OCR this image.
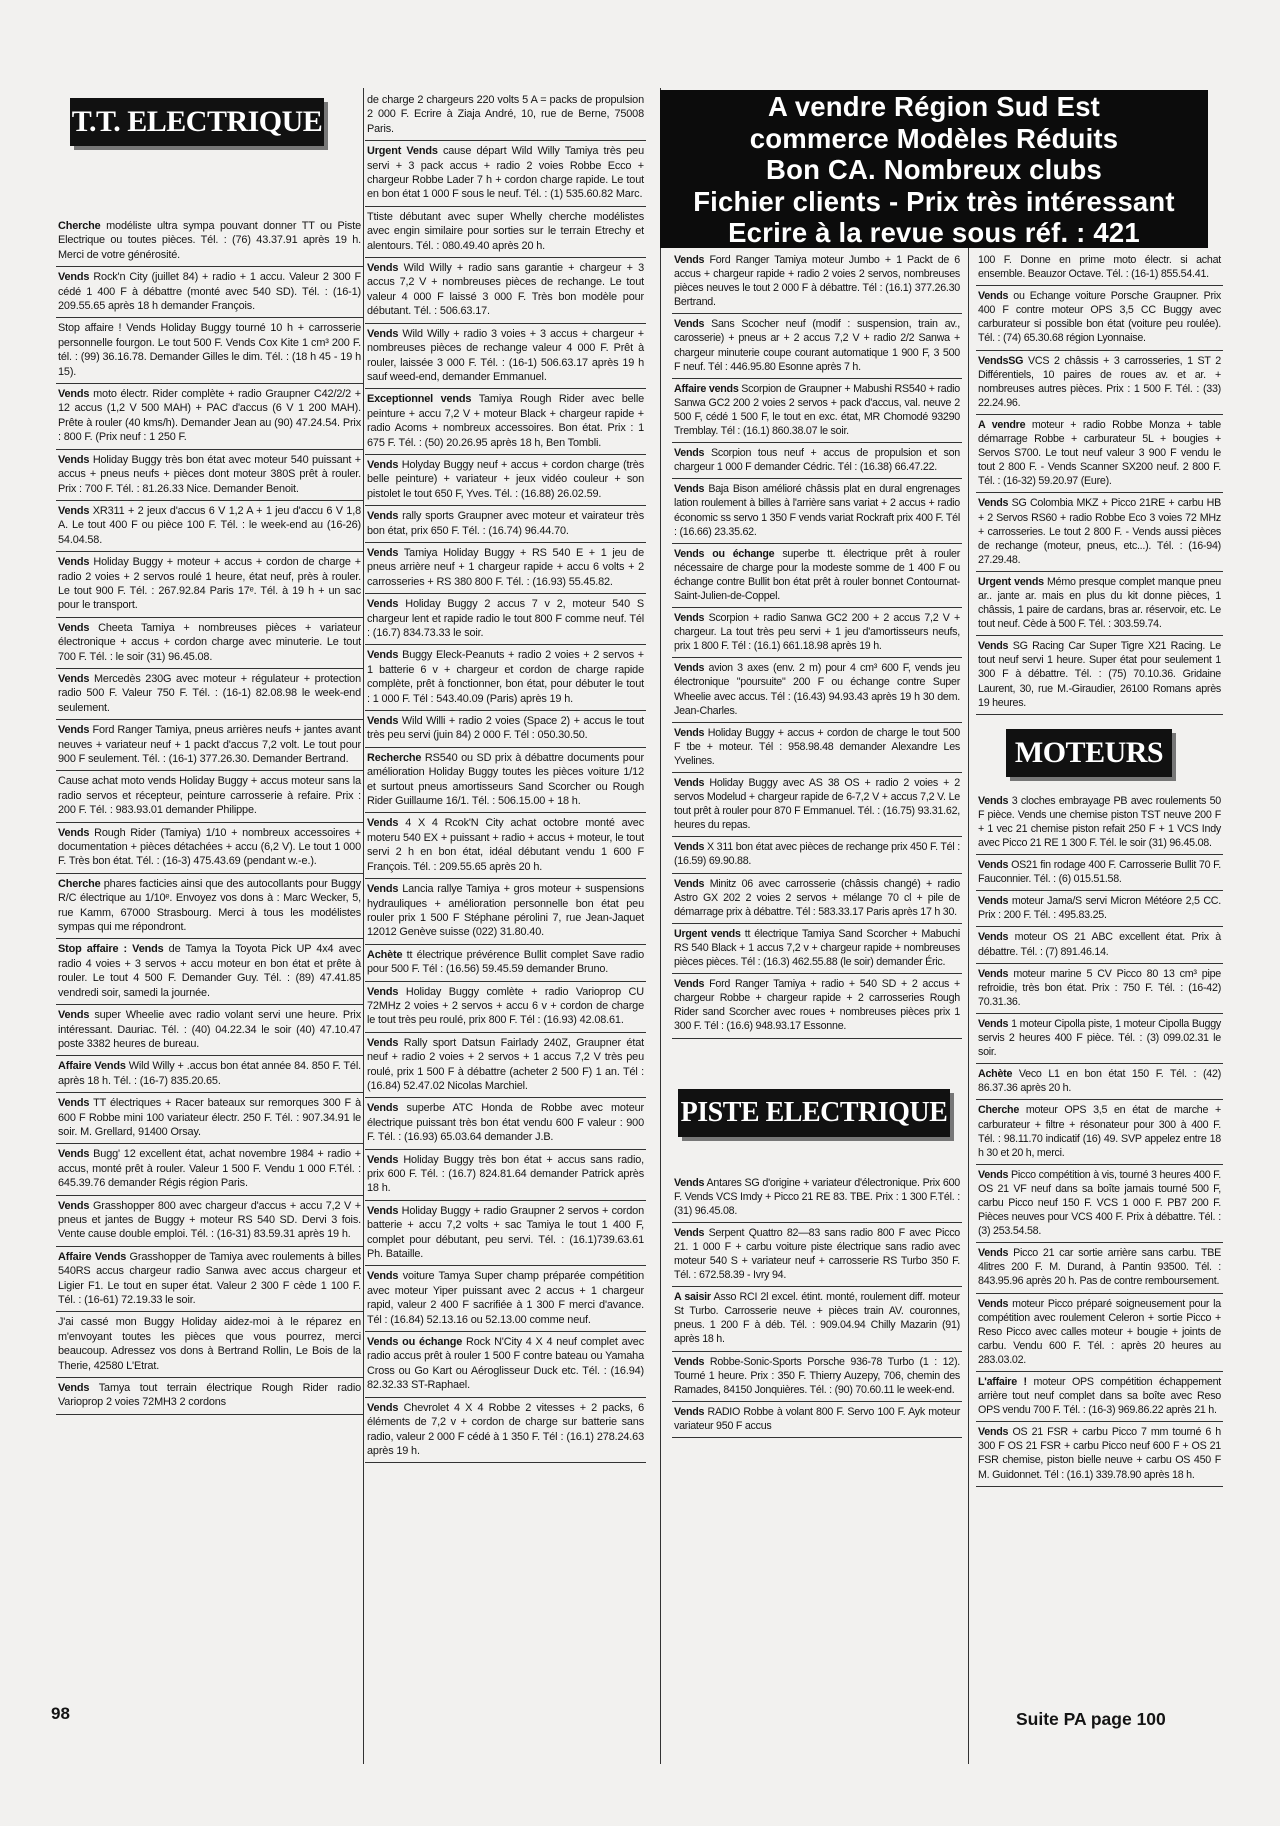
A vendre Région Sud Est
commerce Modèles Réduits
Bon CA. Nombreux clubs
Fichier clients - Prix très intéressant
Ecrire à la revue sous réf. : 421
T.T. ELECTRIQUE
Cherche modéliste ultra sympa pouvant donner TT ou Piste Electrique ou toutes pièces. Tél. : (76) 43.37.91 après 19 h. Merci de votre générosité.
Vends Rock'n City (juillet 84) + radio + 1 accu. Valeur 2 300 F cédé 1 400 F à débattre (monté avec 540 SD). Tél. : (16-1) 209.55.65 après 18 h demander François.
Stop affaire ! Vends Holiday Buggy tourné 10 h + carrosserie personnelle fourgon. Le tout 500 F. Vends Cox Kite 1 cm³ 200 F. tél. : (99) 36.16.78. Demander Gilles le dim. Tél. : (18 h 45 - 19 h 15).
Vends moto électr. Rider complète + radio Graupner C42/2/2 + 12 accus (1,2 V 500 MAH) + PAC d'accus (6 V 1 200 MAH). Prête à rouler (40 kms/h). Demander Jean au (90) 47.24.54. Prix : 800 F. (Prix neuf : 1 250 F.
Vends Holiday Buggy très bon état avec moteur 540 puissant + accus + pneus neufs + pièces dont moteur 380S prêt à rouler. Prix : 700 F. Tél. : 81.26.33 Nice. Demander Benoit.
Vends XR311 + 2 jeux d'accus 6 V 1,2 A + 1 jeu d'accu 6 V 1,8 A. Le tout 400 F ou pièce 100 F. Tél. : le week-end au (16-26) 54.04.58.
Vends Holiday Buggy + moteur + accus + cordon de charge + radio 2 voies + 2 servos roulé 1 heure, état neuf, près à rouler. Le tout 900 F. Tél. : 267.92.84 Paris 17ᵉ. Tél. à 19 h + un sac pour le transport.
Vends Cheeta Tamiya + nombreuses pièces + variateur électronique + accus + cordon charge avec minuterie. Le tout 700 F. Tél. : le soir (31) 96.45.08.
Vends Mercedès 230G avec moteur + régulateur + protection radio 500 F. Valeur 750 F. Tél. : (16-1) 82.08.98 le week-end seulement.
Vends Ford Ranger Tamiya, pneus arrières neufs + jantes avant neuves + variateur neuf + 1 packt d'accus 7,2 volt. Le tout pour 900 F seulement. Tél. : (16-1) 377.26.30. Demander Bertrand.
Cause achat moto vends Holiday Buggy + accus moteur sans la radio servos et récepteur, peinture carrosserie à refaire. Prix : 200 F. Tél. : 983.93.01 demander Philippe.
Vends Rough Rider (Tamiya) 1/10 + nombreux accessoires + documentation + pièces détachées + accu (6,2 V). Le tout 1 000 F. Très bon état. Tél. : (16-3) 475.43.69 (pendant w.-e.).
Cherche phares facticies ainsi que des autocollants pour Buggy R/C électrique au 1/10ᵉ. Envoyez vos dons à : Marc Wecker, 5, rue Kamm, 67000 Strasbourg. Merci à tous les modélistes sympas qui me répondront.
Stop affaire : Vends de Tamya la Toyota Pick UP 4x4 avec radio 4 voies + 3 servos + accu moteur en bon état et prête à rouler. Le tout 4 500 F. Demander Guy. Tél. : (89) 47.41.85 vendredi soir, samedi la journée.
Vends super Wheelie avec radio volant servi une heure. Prix intéressant. Dauriac. Tél. : (40) 04.22.34 le soir (40) 47.10.47 poste 3382 heures de bureau.
Affaire Vends Wild Willy + .accus bon état année 84. 850 F. Tél. après 18 h. Tél. : (16-7) 835.20.65.
Vends TT électriques + Racer bateaux sur remorques 300 F à 600 F Robbe mini 100 variateur électr. 250 F. Tél. : 907.34.91 le soir. M. Grellard, 91400 Orsay.
Vends Bugg' 12 excellent état, achat novembre 1984 + radio + accus, monté prêt à rouler. Valeur 1 500 F. Vendu 1 000 F.Tél. : 645.39.76 demander Régis région Paris.
Vends Grasshopper 800 avec chargeur d'accus + accu 7,2 V + pneus et jantes de Buggy + moteur RS 540 SD. Dervi 3 fois. Vente cause double emploi. Tél. : (16-31) 83.59.31 après 19 h.
Affaire Vends Grasshopper de Tamiya avec roulements à billes 540RS accus chargeur radio Sanwa avec accus chargeur et Ligier F1. Le tout en super état. Valeur 2 300 F cède 1 100 F. Tél. : (16-61) 72.19.33 le soir.
J'ai cassé mon Buggy Holiday aidez-moi à le réparez en m'envoyant toutes les pièces que vous pourrez, merci beaucoup. Adressez vos dons à Bertrand Rollin, Le Bois de la Therie, 42580 L'Etrat.
Vends Tamya tout terrain électrique Rough Rider radio Varioprop 2 voies 72MH3 2 cordons
de charge 2 chargeurs 220 volts 5 A = packs de propulsion 2 000 F. Ecrire à Ziaja André, 10, rue de Berne, 75008 Paris.
Urgent Vends cause départ Wild Willy Tamiya très peu servi + 3 pack accus + radio 2 voies Robbe Ecco + chargeur Robbe Lader 7 h + cordon charge rapide. Le tout en bon état 1 000 F sous le neuf. Tél. : (1) 535.60.82 Marc.
Ttiste débutant avec super Whelly cherche modélistes avec engin similaire pour sorties sur le terrain Etrechy et alentours. Tél. : 080.49.40 après 20 h.
Vends Wild Willy + radio sans garantie + chargeur + 3 accus 7,2 V + nombreuses pièces de rechange. Le tout valeur 4 000 F laissé 3 000 F. Très bon modèle pour débutant. Tél. : 506.63.17.
Vends Wild Willy + radio 3 voies + 3 accus + chargeur + nombreuses pièces de rechange valeur 4 000 F. Prêt à rouler, laissée 3 000 F. Tél. : (16-1) 506.63.17 après 19 h sauf weed-end, demander Emmanuel.
Exceptionnel vends Tamiya Rough Rider avec belle peinture + accu 7,2 V + moteur Black + chargeur rapide + radio Acoms + nombreux accessoires. Bon état. Prix : 1 675 F. Tél. : (50) 20.26.95 après 18 h, Ben Tombli.
Vends Holyday Buggy neuf + accus + cordon charge (très belle peinture) + variateur + jeux vidéo couleur + son pistolet le tout 650 F, Yves. Tél. : (16.88) 26.02.59.
Vends rally sports Graupner avec moteur et vairateur très bon état, prix 650 F. Tél. : (16.74) 96.44.70.
Vends Tamiya Holiday Buggy + RS 540 E + 1 jeu de pneus arrière neuf + 1 chargeur rapide + accu 6 volts + 2 carrosseries + RS 380 800 F. Tél. : (16.93) 55.45.82.
Vends Holiday Buggy 2 accus 7 v 2, moteur 540 S chargeur lent et rapide radio le tout 800 F comme neuf. Tél : (16.7) 834.73.33 le soir.
Vends Buggy Eleck-Peanuts + radio 2 voies + 2 servos + 1 batterie 6 v + chargeur et cordon de charge rapide complète, prêt à fonctionner, bon état, pour débuter le tout : 1 000 F. Tél : 543.40.09 (Paris) après 19 h.
Vends Wild Willi + radio 2 voies (Space 2) + accus le tout très peu servi (juin 84) 2 000 F. Tél : 050.30.50.
Recherche RS540 ou SD prix à débattre documents pour amélioration Holiday Buggy toutes les pièces voiture 1/12 et surtout pneus amortisseurs Sand Scorcher ou Rough Rider Guillaume 16/1. Tél. : 506.15.00 + 18 h.
Vends 4 X 4 Rcok'N City achat octobre monté avec moteru 540 EX + puissant + radio + accus + moteur, le tout servi 2 h en bon état, idéal débutant vendu 1 600 F François. Tél. : 209.55.65 après 20 h.
Vends Lancia rallye Tamiya + gros moteur + suspensions hydrauliques + amélioration personnelle bon état peu rouler prix 1 500 F Stéphane pérolini 7, rue Jean-Jaquet 12012 Genève suisse (022) 31.80.40.
Achète tt électrique prévérence Bullit complet Save radio pour 500 F. Tél : (16.56) 59.45.59 demander Bruno.
Vends Holiday Buggy comlète + radio Varioprop CU 72MHz 2 voies + 2 servos + accu 6 v + cordon de charge le tout très peu roulé, prix 800 F. Tél : (16.93) 42.08.61.
Vends Rally sport Datsun Fairlady 240Z, Graupner état neuf + radio 2 voies + 2 servos + 1 accus 7,2 V très peu roulé, prix 1 500 F à débattre (acheter 2 500 F) 1 an. Tél : (16.84) 52.47.02 Nicolas Marchiel.
Vends superbe ATC Honda de Robbe avec moteur électrique puissant très bon état vendu 600 F valeur : 900 F. Tél. : (16.93) 65.03.64 demander J.B.
Vends Holiday Buggy très bon état + accus sans radio, prix 600 F. Tél. : (16.7) 824.81.64 demander Patrick après 18 h.
Vends Holiday Buggy + radio Graupner 2 servos + cordon batterie + accu 7,2 volts + sac Tamiya le tout 1 400 F, complet pour débutant, peu servi. Tél. : (16.1)739.63.61 Ph. Bataille.
Vends voiture Tamya Super champ préparée compétition avec moteur Yiper puissant avec 2 accus + 1 chargeur rapid, valeur 2 400 F sacrifiée à 1 300 F merci d'avance. Tél : (16.84) 52.13.16 ou 52.13.00 comme neuf.
Vends ou échange Rock N'City 4 X 4 neuf complet avec radio accus prêt à rouler 1 500 F contre bateau ou Yamaha Cross ou Go Kart ou Aéroglisseur Duck etc. Tél. : (16.94) 82.32.33 ST-Raphael.
Vends Chevrolet 4 X 4 Robbe 2 vitesses + 2 packs, 6 éléments de 7,2 v + cordon de charge sur batterie sans radio, valeur 2 000 F cédé à 1 350 F. Tél : (16.1) 278.24.63 après 19 h.
Vends Ford Ranger Tamiya moteur Jumbo + 1 Packt de 6 accus + chargeur rapide + radio 2 voies 2 servos, nombreuses pièces neuves le tout 2 000 F à débattre. Tél : (16.1) 377.26.30 Bertrand.
Vends Sans Scocher neuf (modif : suspension, train av., carosserie) + pneus ar + 2 accus 7,2 V + radio 2/2 Sanwa + chargeur minuterie coupe courant automatique 1 900 F, 3 500 F neuf. Tél : 446.95.80 Esonne après 7 h.
Affaire vends Scorpion de Graupner + Mabushi RS540 + radio Sanwa GC2 200 2 voies 2 servos + pack d'accus, val. neuve 2 500 F, cédé 1 500 F, le tout en exc. état, MR Chomodé 93290 Tremblay. Tél : (16.1) 860.38.07 le soir.
Vends Scorpion tous neuf + accus de propulsion et son chargeur 1 000 F demander Cédric. Tél : (16.38) 66.47.22.
Vends Baja Bison amélioré châssis plat en dural engrenages lation roulement à billes à l'arrière sans variat + 2 accus + radio économic ss servo 1 350 F vends variat Rockraft prix 400 F. Tél : (16.66) 23.35.62.
Vends ou échange superbe tt. électrique prêt à rouler nécessaire de charge pour la modeste somme de 1 400 F ou échange contre Bullit bon état prêt à rouler bonnet Contournat-Saint-Julien-de-Coppel.
Vends Scorpion + radio Sanwa GC2 200 + 2 accus 7,2 V + chargeur. La tout très peu servi + 1 jeu d'amortisseurs neufs, prix 1 800 F. Tél : (16.1) 661.18.98 après 19 h.
Vends avion 3 axes (env. 2 m) pour 4 cm³ 600 F, vends jeu électronique "poursuite" 200 F ou échange contre Super Wheelie avec accus. Tél : (16.43) 94.93.43 après 19 h 30 dem. Jean-Charles.
Vends Holiday Buggy + accus + cordon de charge le tout 500 F tbe + moteur. Tél : 958.98.48 demander Alexandre Les Yvelines.
Vends Holiday Buggy avec AS 38 OS + radio 2 voies + 2 servos Modelud + chargeur rapide de 6-7,2 V + accus 7,2 V. Le tout prêt à rouler pour 870 F Emmanuel. Tél. : (16.75) 93.31.62, heures du repas.
Vends X 311 bon état avec pièces de rechange prix 450 F. Tél : (16.59) 69.90.88.
Vends Minitz 06 avec carrosserie (châssis changé) + radio Astro GX 202 2 voies 2 servos + mélange 70 cl + pile de démarrage prix à débattre. Tél : 583.33.17 Paris après 17 h 30.
Urgent vends tt électrique Tamiya Sand Scorcher + Mabuchi RS 540 Black + 1 accus 7,2 v + chargeur rapide + nombreuses pièces pièces. Tél : (16.3) 462.55.88 (le soir) demander Éric.
Vends Ford Ranger Tamiya + radio + 540 SD + 2 accus + chargeur Robbe + chargeur rapide + 2 carrosseries Rough Rider sand Scorcher avec roues + nombreuses pièces prix 1 300 F. Tél : (16.6) 948.93.17 Essonne.
PISTE ELECTRIQUE
Vends Antares SG d'origine + variateur d'électronique. Prix 600 F. Vends VCS Imdy + Picco 21 RE 83. TBE. Prix : 1 300 F.Tél. : (31) 96.45.08.
Vends Serpent Quattro 82—83 sans radio 800 F avec Picco 21. 1 000 F + carbu voiture piste électrique sans radio avec moteur 540 S + variateur neuf + carrosserie RS Turbo 350 F. Tél. : 672.58.39 - Ivry 94.
A saisir Asso RCI 2l excel. étint. monté, roulement diff. moteur St Turbo. Carrosserie neuve + pièces train AV. couronnes, pneus. 1 200 F à déb. Tél. : 909.04.94 Chilly Mazarin (91) après 18 h.
Vends Robbe-Sonic-Sports Porsche 936-78 Turbo (1 : 12). Tourné 1 heure. Prix : 350 F. Thierry Auzepy, 706, chemin des Ramades, 84150 Jonquières. Tél. : (90) 70.60.11 le week-end.
Vends RADIO Robbe à volant 800 F. Servo 100 F. Ayk moteur variateur 950 F accus
100 F. Donne en prime moto électr. si achat ensemble. Beauzor Octave. Tél. : (16-1) 855.54.41.
Vends ou Echange voiture Porsche Graupner. Prix 400 F contre moteur OPS 3,5 CC Buggy avec carburateur si possible bon état (voiture peu roulée). Tél. : (74) 65.30.68 région Lyonnaise.
VendsSG VCS 2 châssis + 3 carrosseries, 1 ST 2 Différentiels, 10 paires de roues av. et ar. + nombreuses autres pièces. Prix : 1 500 F. Tél. : (33) 22.24.96.
A vendre moteur + radio Robbe Monza + table démarrage Robbe + carburateur 5L + bougies + Servos S700. Le tout neuf valeur 3 900 F vendu le tout 2 800 F. - Vends Scanner SX200 neuf. 2 800 F. Tél. : (16-32) 59.20.97 (Eure).
Vends SG Colombia MKZ + Picco 21RE + carbu HB + 2 Servos RS60 + radio Robbe Eco 3 voies 72 MHz + carrosseries. Le tout 2 800 F. - Vends aussi pièces de rechange (moteur, pneus, etc...). Tél. : (16-94) 27.29.48.
Urgent vends Mémo presque complet manque pneu ar.. jante ar. mais en plus du kit donne pièces, 1 châssis, 1 paire de cardans, bras ar. réservoir, etc. Le tout neuf. Cède à 500 F. Tél. : 303.59.74.
Vends SG Racing Car Super Tigre X21 Racing. Le tout neuf servi 1 heure. Super état pour seulement 1 300 F à débattre. Tél. : (75) 70.10.36. Gridaine Laurent, 30, rue M.-Giraudier, 26100 Romans après 19 heures.
MOTEURS
Vends 3 cloches embrayage PB avec roulements 50 F pièce. Vends une chemise piston TST neuve 200 F + 1 vec 21 chemise piston refait 250 F + 1 VCS Indy avec Picco 21 RE 1 300 F. Tél. le soir (31) 96.45.08.
Vends OS21 fin rodage 400 F. Carrosserie Bullit 70 F. Fauconnier. Tél. : (6) 015.51.58.
Vends moteur Jama/S servi Micron Météore 2,5 CC. Prix : 200 F. Tél. : 495.83.25.
Vends moteur OS 21 ABC excellent état. Prix à débattre. Tél. : (7) 891.46.14.
Vends moteur marine 5 CV Picco 80 13 cm³ pipe refroidie, très bon état. Prix : 750 F. Tél. : (16-42) 70.31.36.
Vends 1 moteur Cipolla piste, 1 moteur Cipolla Buggy servis 2 heures 400 F pièce. Tél. : (3) 099.02.31 le soir.
Achète Veco L1 en bon état 150 F. Tél. : (42) 86.37.36 après 20 h.
Cherche moteur OPS 3,5 en état de marche + carburateur + filtre + résonateur pour 300 à 400 F. Tél. : 98.11.70 indicatif (16) 49. SVP appelez entre 18 h 30 et 20 h, merci.
Vends Picco compétition à vis, tourné 3 heures 400 F. OS 21 VF neuf dans sa boîte jamais tourné 500 F, carbu Picco neuf 150 F. VCS 1 000 F. PB7 200 F. Pièces neuves pour VCS 400 F. Prix à débattre. Tél. : (3) 253.54.58.
Vends Picco 21 car sortie arrière sans carbu. TBE 4litres 200 F. M. Durand, à Pantin 93500. Tél. : 843.95.96 après 20 h. Pas de contre remboursement.
Vends moteur Picco préparé soigneusement pour la compétition avec roulement Celeron + sortie Picco + Reso Picco avec calles moteur + bougie + joints de carbu. Vendu 600 F. Tél. : après 20 heures au 283.03.02.
L'affaire ! moteur OPS compétition échappement arrière tout neuf complet dans sa boîte avec Reso OPS vendu 700 F. Tél. : (16-3) 969.86.22 après 21 h.
Vends OS 21 FSR + carbu Picco 7 mm tourné 6 h 300 F OS 21 FSR + carbu Picco neuf 600 F + OS 21 FSR chemise, piston bielle neuve + carbu OS 450 F M. Guidonnet. Tél : (16.1) 339.78.90 après 18 h.
98	Suite PA page 100
